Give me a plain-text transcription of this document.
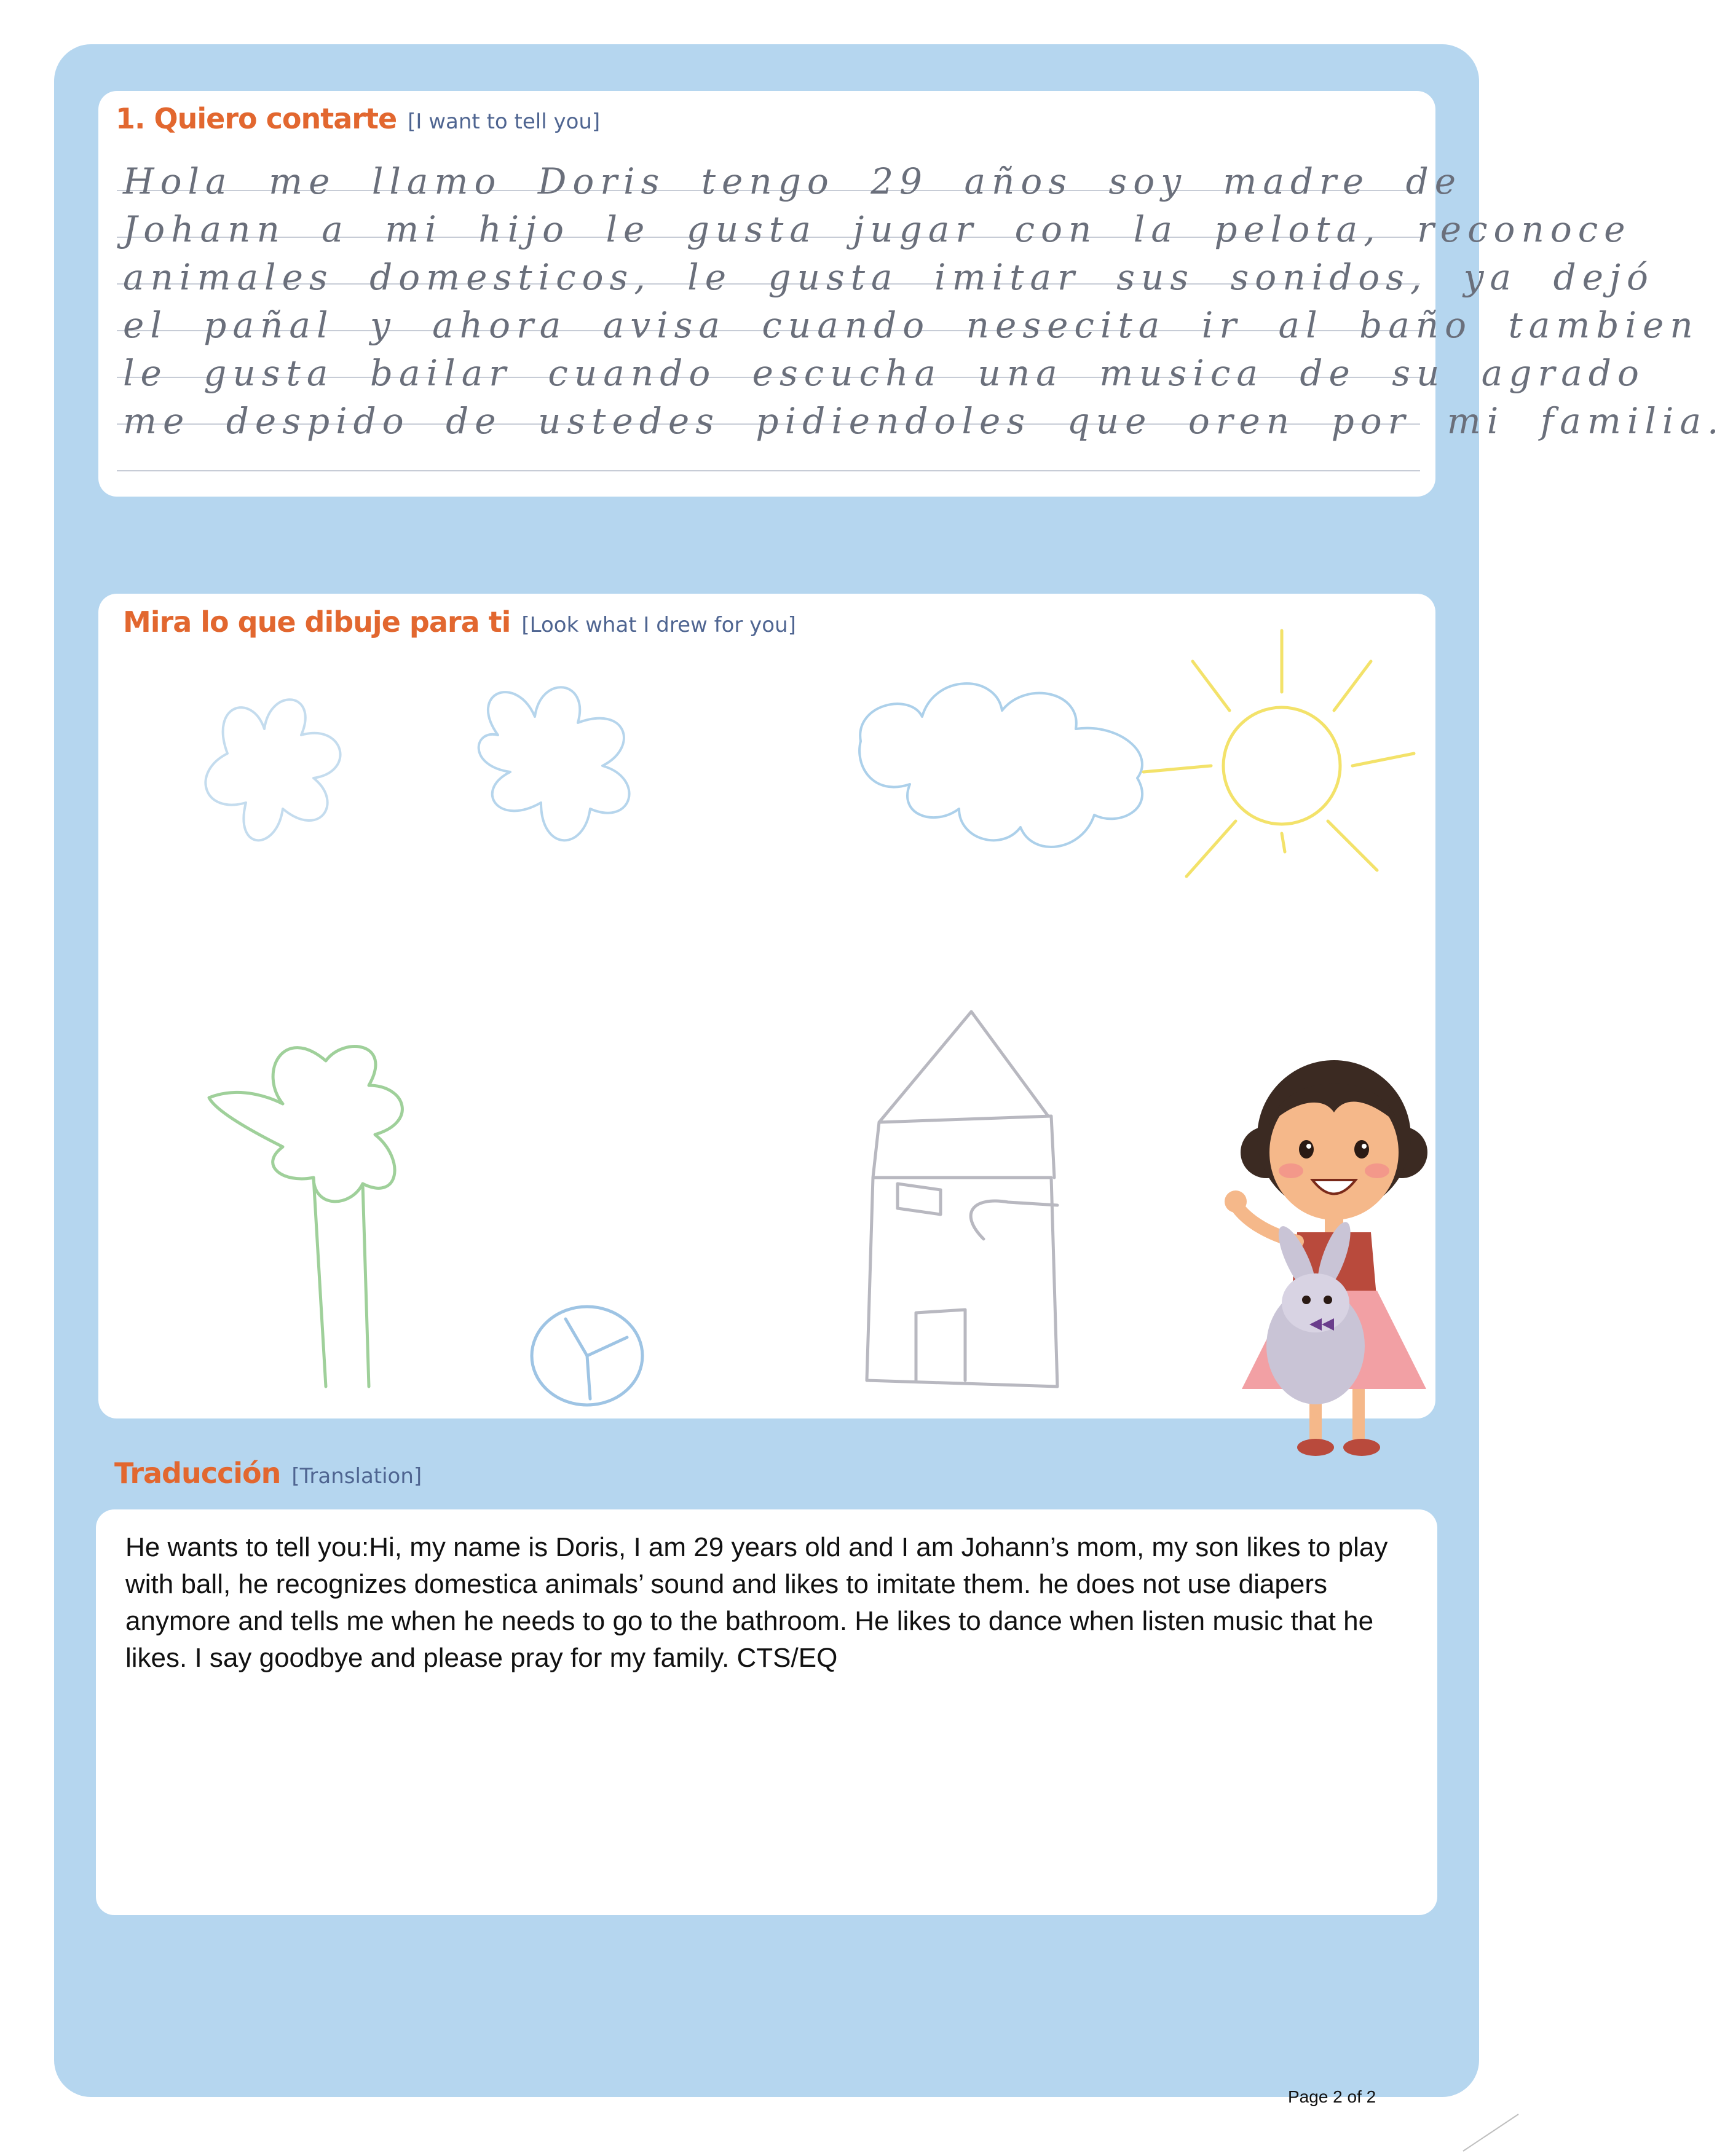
1. Quiero contarte [I want to tell you]
Hola me llamo Doris tengo 29 años soy madre de
Johann a mi hijo le gusta jugar con la pelota, reconoce
animales domesticos, le gusta imitar sus sonidos, ya dejó
el pañal y ahora avisa cuando nesecita ir al baño tambien
le gusta bailar cuando escucha una musica de su agrado
me despido de ustedes pidiendoles que oren por mi familia.
Mira lo que dibuje para ti [Look what I drew for you]
Traducción [Translation]
He wants to tell you:Hi, my name is Doris, I am 29 years old and I am Johann’s mom, my son likes to play with ball, he recognizes domestica animals’ sound and likes to imitate them. he does not use diapers anymore and tells me when he needs to go to the bathroom. He likes to dance when listen music that he likes. I say goodbye and please pray for my family. CTS/EQ
Page 2 of 2
